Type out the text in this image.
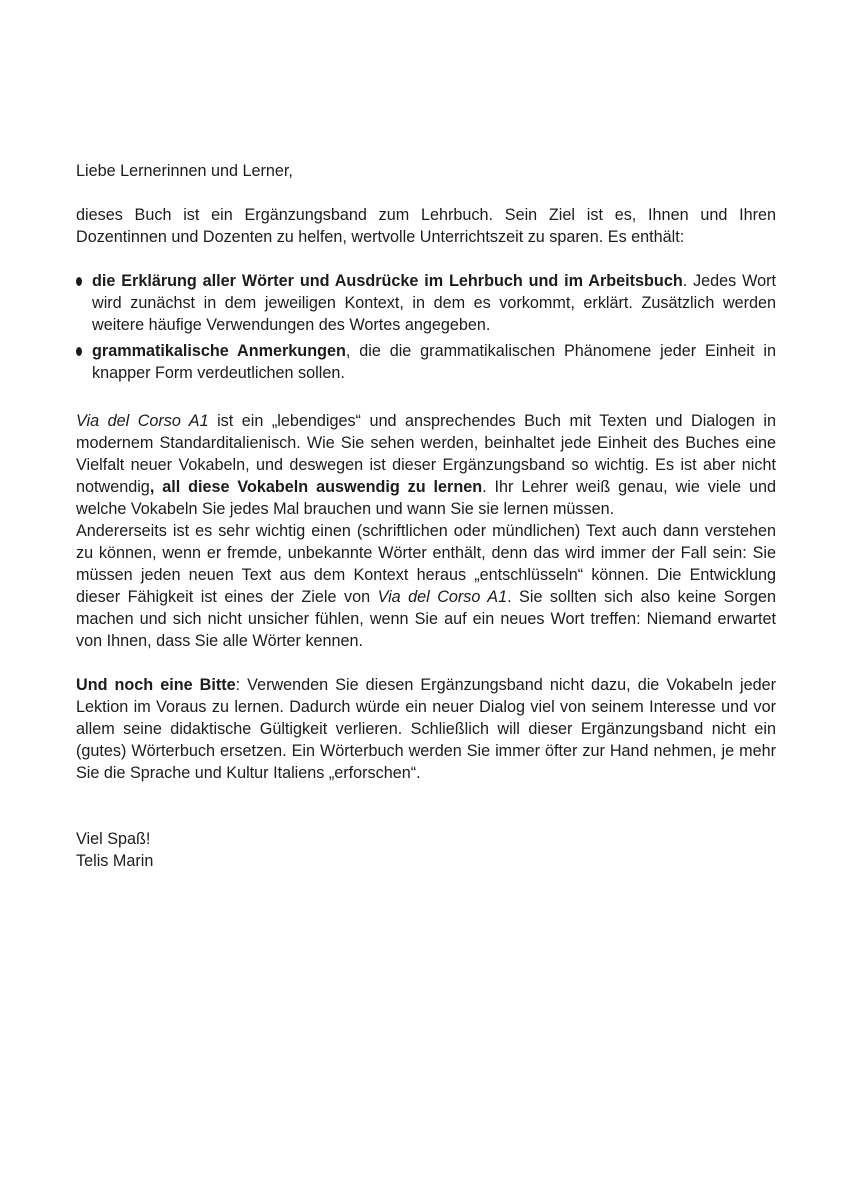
Liebe Lernerinnen und Lerner,

dieses Buch ist ein Ergänzungsband zum Lehrbuch. Sein Ziel ist es, Ihnen und Ihren Dozentinnen und Dozenten zu helfen, wertvolle Unterrichtszeit zu sparen. Es enthält:

die Erklärung aller Wörter und Ausdrücke im Lehrbuch und im Arbeitsbuch. Jedes Wort wird zunächst in dem jeweiligen Kontext, in dem es vorkommt, erklärt. Zusätzlich werden weitere häufige Verwendungen des Wortes angegeben.
grammatikalische Anmerkungen, die die grammatikalischen Phänomene jeder Einheit in knapper Form verdeutlichen sollen.

Via del Corso A1 ist ein „lebendiges“ und ansprechendes Buch mit Texten und Dialogen in modernem Standarditalienisch. Wie Sie sehen werden, beinhaltet jede Einheit des Buches eine Vielfalt neuer Vokabeln, und deswegen ist dieser Ergänzungsband so wichtig. Es ist aber nicht notwendig, all diese Vokabeln auswendig zu lernen. Ihr Lehrer weiß genau, wie viele und welche Vokabeln Sie jedes Mal brauchen und wann Sie sie lernen müssen.

Andererseits ist es sehr wichtig einen (schriftlichen oder mündlichen) Text auch dann verstehen zu können, wenn er fremde, unbekannte Wörter enthält, denn das wird immer der Fall sein: Sie müssen jeden neuen Text aus dem Kontext heraus „entschlüsseln“ können. Die Entwicklung dieser Fähigkeit ist eines der Ziele von Via del Corso A1. Sie sollten sich also keine Sorgen machen und sich nicht unsicher fühlen, wenn Sie auf ein neues Wort treffen: Niemand erwartet von Ihnen, dass Sie alle Wörter kennen.

Und noch eine Bitte: Verwenden Sie diesen Ergänzungsband nicht dazu, die Vokabeln jeder Lektion im Voraus zu lernen. Dadurch würde ein neuer Dialog viel von seinem Interesse und vor allem seine didaktische Gültigkeit verlieren. Schließlich will dieser Ergänzungsband nicht ein (gutes) Wörterbuch ersetzen. Ein Wörterbuch werden Sie immer öfter zur Hand nehmen, je mehr Sie die Sprache und Kultur Italiens „erforschen“.

Viel Spaß!

Telis Marin
